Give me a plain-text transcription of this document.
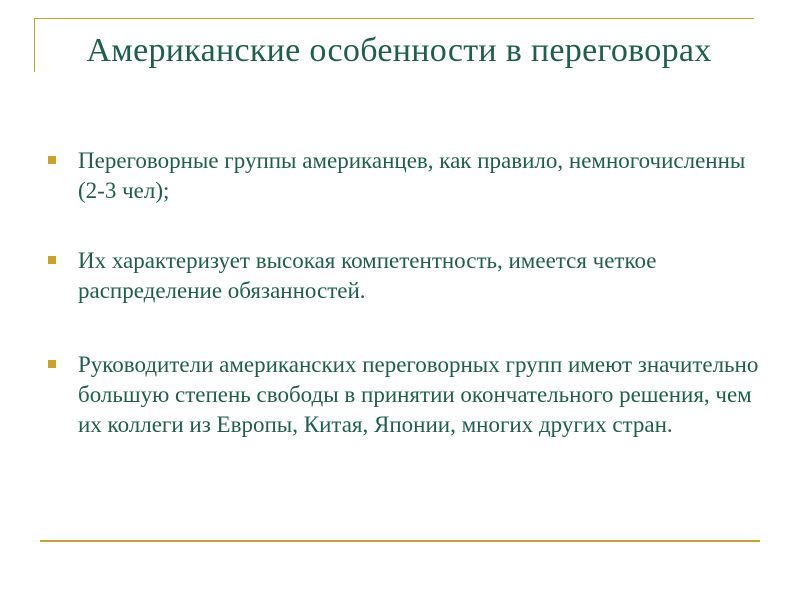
Американские особенности в переговорах
Переговорные группы американцев, как правило, немногочисленны (2-3 чел);
Их характеризует высокая компетентность, имеется четкое распределение обязанностей.
Руководители американских переговорных групп имеют значительно большую степень свободы в принятии окончательного решения, чем их коллеги из Европы, Китая, Японии, многих других стран.
